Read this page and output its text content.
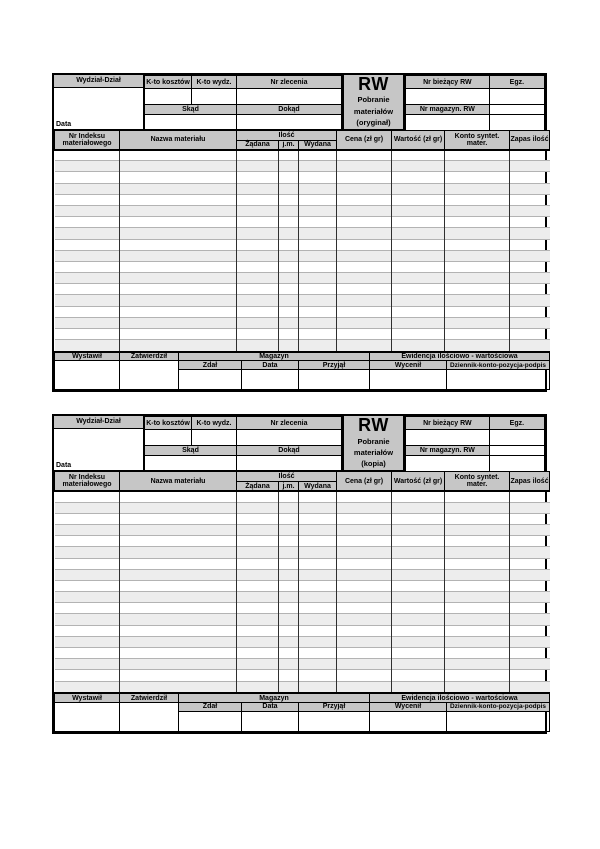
Wydział-Dział
Data
K-to kosztów	K-to wydz.	Nr zlecenia

Skąd		Dokąd

RW
Pobranie
materiałów
(oryginał)
Nr bieżący RW	Egz.

Nr magazyn. RW	

Nr Indeksu materiałowego	Nazwa materiału	Ilość			Cena (zł gr)	Wartość (zł gr)	Konto syntet. mater.	Zapas ilość
		Żądana	j.m.	Wydana				

Wystawił	Zatwierdził	Magazyn			Ewidencja ilościowo - wartościowa	
		Zdał	Data	Przyjął	Wycenił	Dziennik-konto-pozycja-podpis

Wydział-Dział
Data
K-to kosztów	K-to wydz.	Nr zlecenia

Skąd		Dokąd

RW
Pobranie
materiałów
(kopia)
Nr bieżący RW	Egz.

Nr magazyn. RW	

Nr Indeksu materiałowego	Nazwa materiału	Ilość			Cena (zł gr)	Wartość (zł gr)	Konto syntet. mater.	Zapas ilość
		Żądana	j.m.	Wydana				

Wystawił	Zatwierdził	Magazyn			Ewidencja ilościowo - wartościowa	
		Zdał	Data	Przyjął	Wycenił	Dziennik-konto-pozycja-podpis
